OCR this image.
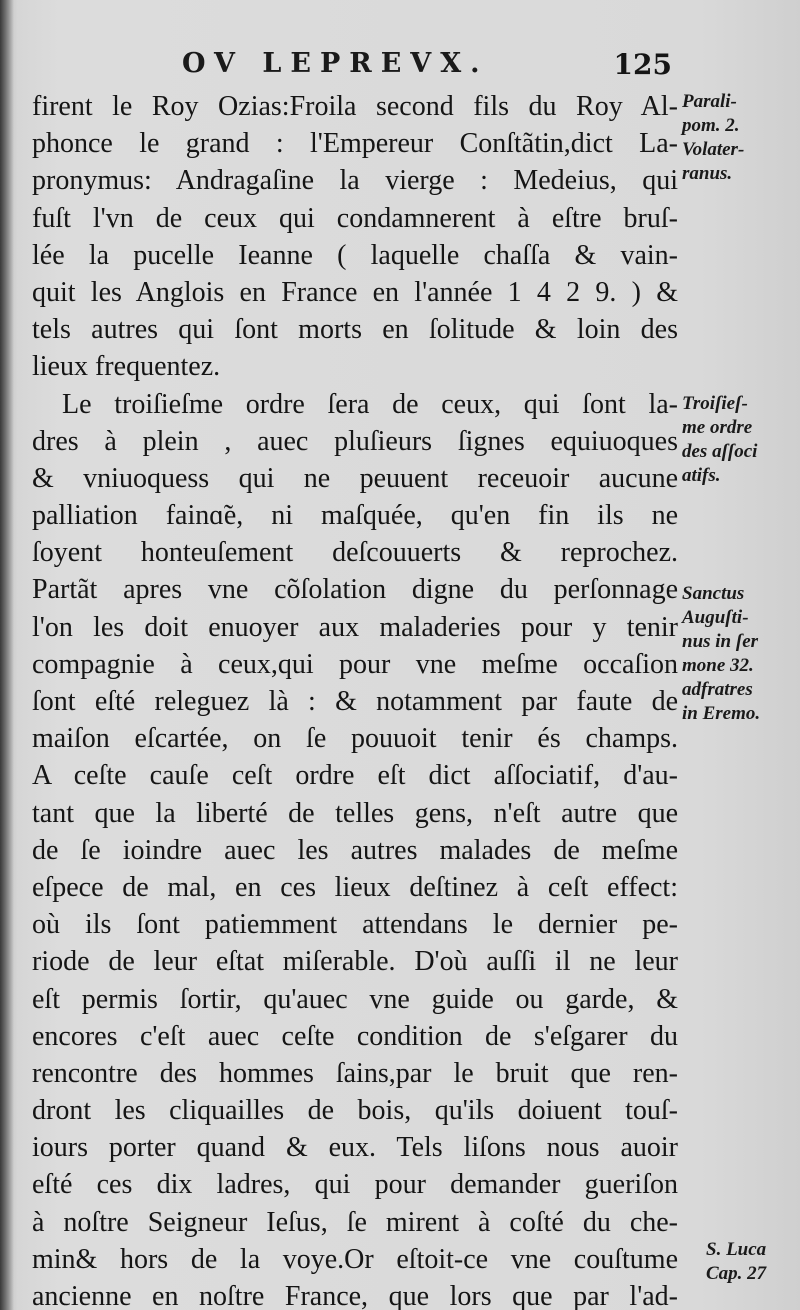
OV LEPREVX.	125
firent le Roy Ozias:Froila second fils du Roy Al-
phonce le grand : l'Empereur Conſtãtin,dict La-
pronymus: Andragaſine la vierge : Medeius, qui
fuſt l'vn de ceux qui condamnerent à eſtre bruſ-
lée la pucelle Ieanne ( laquelle chaſſa & vain-
quit les Anglois en France en l'année 1 4 2 9. ) &
tels autres qui ſont morts en ſolitude & loin des
lieux frequentez.
Le troiſieſme ordre ſera de ceux, qui ſont la-
dres à plein , auec pluſieurs ſignes equiuoques
& vniuoquess qui ne peuuent receuoir aucune
palliation fainɑ̃e, ni maſquée, qu'en fin ils ne
ſoyent honteuſement deſcouuerts & reprochez.
Partãt apres vne cõſolation digne du perſonnage
l'on les doit enuoyer aux maladeries pour y tenir
compagnie à ceux,qui pour vne meſme occaſion
ſont eſté releguez là : & notamment par faute de
maiſon eſcartée, on ſe pouuoit tenir és champs.
A ceſte cauſe ceſt ordre eſt dict aſſociatif, d'au-
tant que la liberté de telles gens, n'eſt autre que
de ſe ioindre auec les autres malades de meſme
eſpece de mal, en ces lieux deſtinez à ceſt effect:
où ils ſont patiemment attendans le dernier pe-
riode de leur eſtat miſerable. D'où auſſi il ne leur
eſt permis ſortir, qu'auec vne guide ou garde, &
encores c'eſt auec ceſte condition de s'eſgarer du
rencontre des hommes ſains,par le bruit que ren-
dront les cliquailles de bois, qu'ils doiuent touſ-
iours porter quand & eux. Tels liſons nous auoir
eſté ces dix ladres, qui pour demander gueriſon
à noſtre Seigneur Ieſus, ſe mirent à coſté du che-
min& hors de la voye.Or eſtoit-ce vne couſtume
ancienne en noſtre France, que lors que par l'ad-
Parali-
pom. 2.
Volater-
ranus.
Troiſieſ-
me ordre
des aſſoci
atifs.
Sanctus
Auguſti-
nus in ſer
mone 32.
adfratres
in Eremo.
S. Luca
Cap. 27
